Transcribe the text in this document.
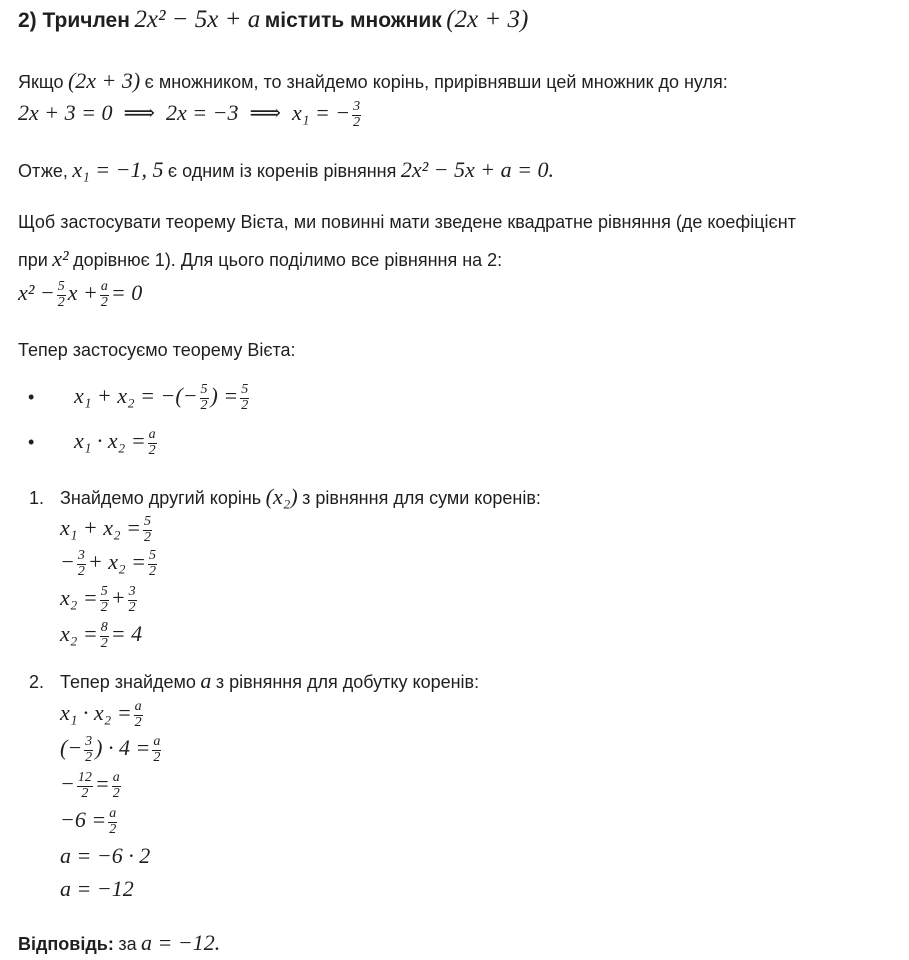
2) Тричлен 2x² − 5x + a містить множник (2x + 3)
Якщо (2x + 3) є множником, то знайдемо корінь, прирівнявши цей множник до нуля:
2x + 3 = 0 ⟹ 2x = −3 ⟹ x₁ = − $\frac{3}{2}$
Отже, x₁ = −1, 5 є одним із коренів рівняння 2x² − 5x + a = 0.
Щоб застосувати теорему Вієта, ми повинні мати зведене квадратне рівняння (де коефіцієнт
при x² дорівнює 1). Для цього поділимо все рівняння на 2:
$x^2 - \frac{5}{2}$ $x + \frac{a}{2} = 0$
Тепер застосуємо теорему Вієта:
• x₁ + x₂ = −(− $\frac{5}{2}$ ) = $\frac{5}{2}$
• $x_1 \cdot x_2 = \frac{a}{2}$
1. Знайдемо другий корінь (x₂) з рівняння для суми коренів:
$x_1 + x_2 = \frac{5}{2}$
− $\frac{3}{2} + x_2 = \frac{5}{2}$
$x_2 = \frac{5}{2} + \frac{3}{2}$
$x_2 = \frac{8}{2} = 4$
2. Тепер знайдемо a з рівняння для добутку коренів:
$x_1 \cdot x_2 = \frac{a}{2}$
(− $\frac{3}{2}$ ) · $4 = \frac{a}{2}$
− $\frac{12}{2} = \frac{a}{2}$
$-6 = \frac{a}{2}$
a = −6 · 2
a = −12
Відповідь: за a = −12.
